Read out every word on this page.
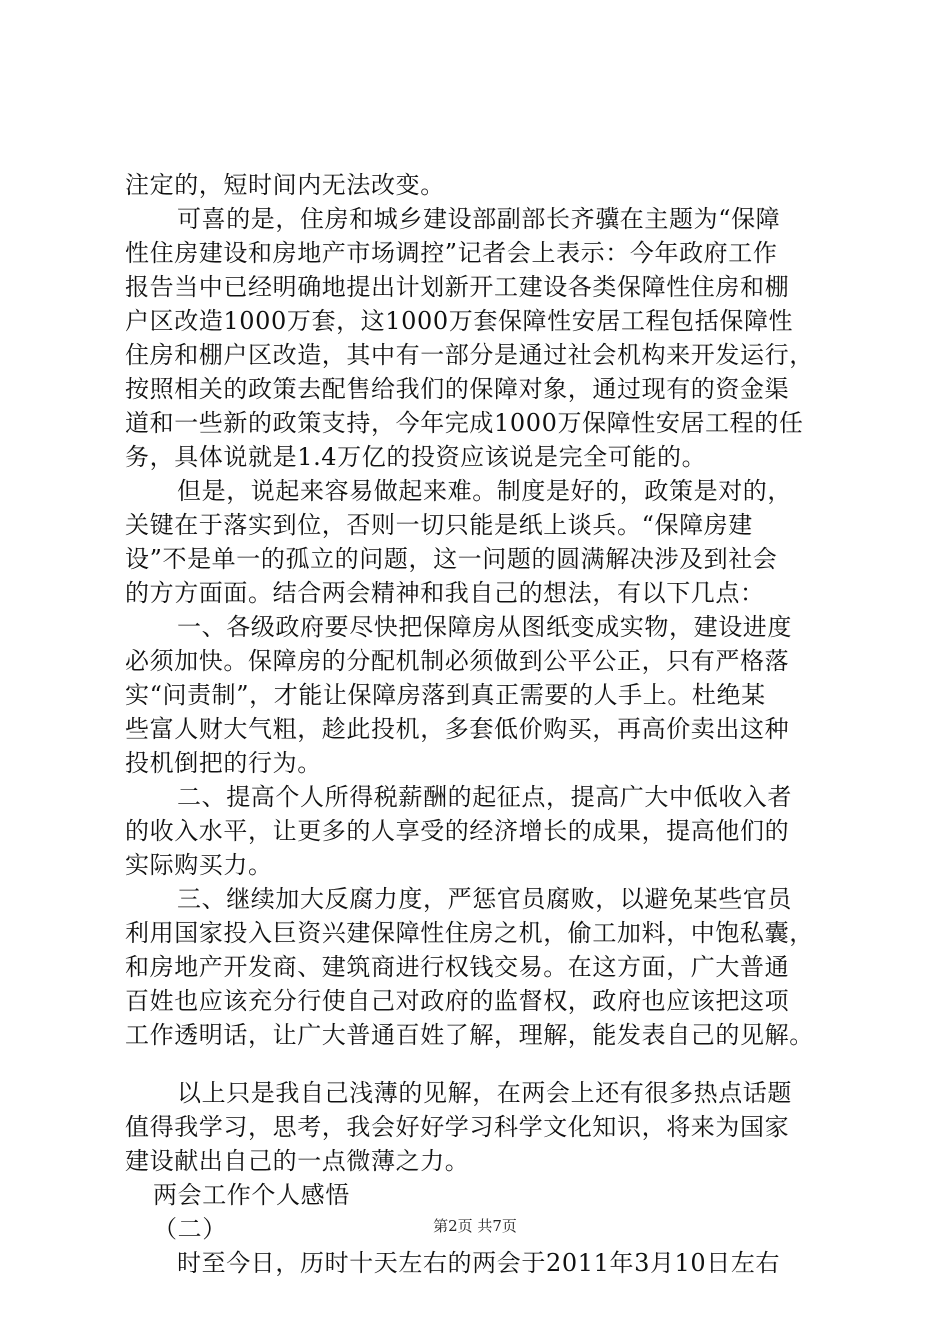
注定的，短时间内无法改变。
可喜的是，住房和城乡建设部副部长齐骥在主题为“保障
性住房建设和房地产市场调控”记者会上表示：今年政府工作
报告当中已经明确地提出计划新开工建设各类保障性住房和棚
户区改造1000万套，这1000万套保障性安居工程包括保障性
住房和棚户区改造，其中有一部分是通过社会机构来开发运行，
按照相关的政策去配售给我们的保障对象，通过现有的资金渠
道和一些新的政策支持，今年完成1000万保障性安居工程的任
务，具体说就是1.4万亿的投资应该说是完全可能的。
但是，说起来容易做起来难。制度是好的，政策是对的，
关键在于落实到位，否则一切只能是纸上谈兵。“保障房建
设”不是单一的孤立的问题，这一问题的圆满解决涉及到社会
的方方面面。结合两会精神和我自己的想法，有以下几点：
一、各级政府要尽快把保障房从图纸变成实物，建设进度
必须加快。保障房的分配机制必须做到公平公正，只有严格落
实“问责制”，才能让保障房落到真正需要的人手上。杜绝某
些富人财大气粗，趁此投机，多套低价购买，再高价卖出这种
投机倒把的行为。
二、提高个人所得税薪酬的起征点，提高广大中低收入者
的收入水平，让更多的人享受的经济增长的成果，提高他们的
实际购买力。
三、继续加大反腐力度，严惩官员腐败，以避免某些官员
利用国家投入巨资兴建保障性住房之机，偷工加料，中饱私囊，
和房地产开发商、建筑商进行权钱交易。在这方面，广大普通
百姓也应该充分行使自己对政府的监督权，政府也应该把这项
工作透明话，让广大普通百姓了解，理解，能发表自己的见解。
以上只是我自己浅薄的见解，在两会上还有很多热点话题
值得我学习，思考，我会好好学习科学文化知识，将来为国家
建设献出自己的一点微薄之力。
两会工作个人感悟
（二）
时至今日，历时十天左右的两会于2011年3月10日左右
第2页 共7页
